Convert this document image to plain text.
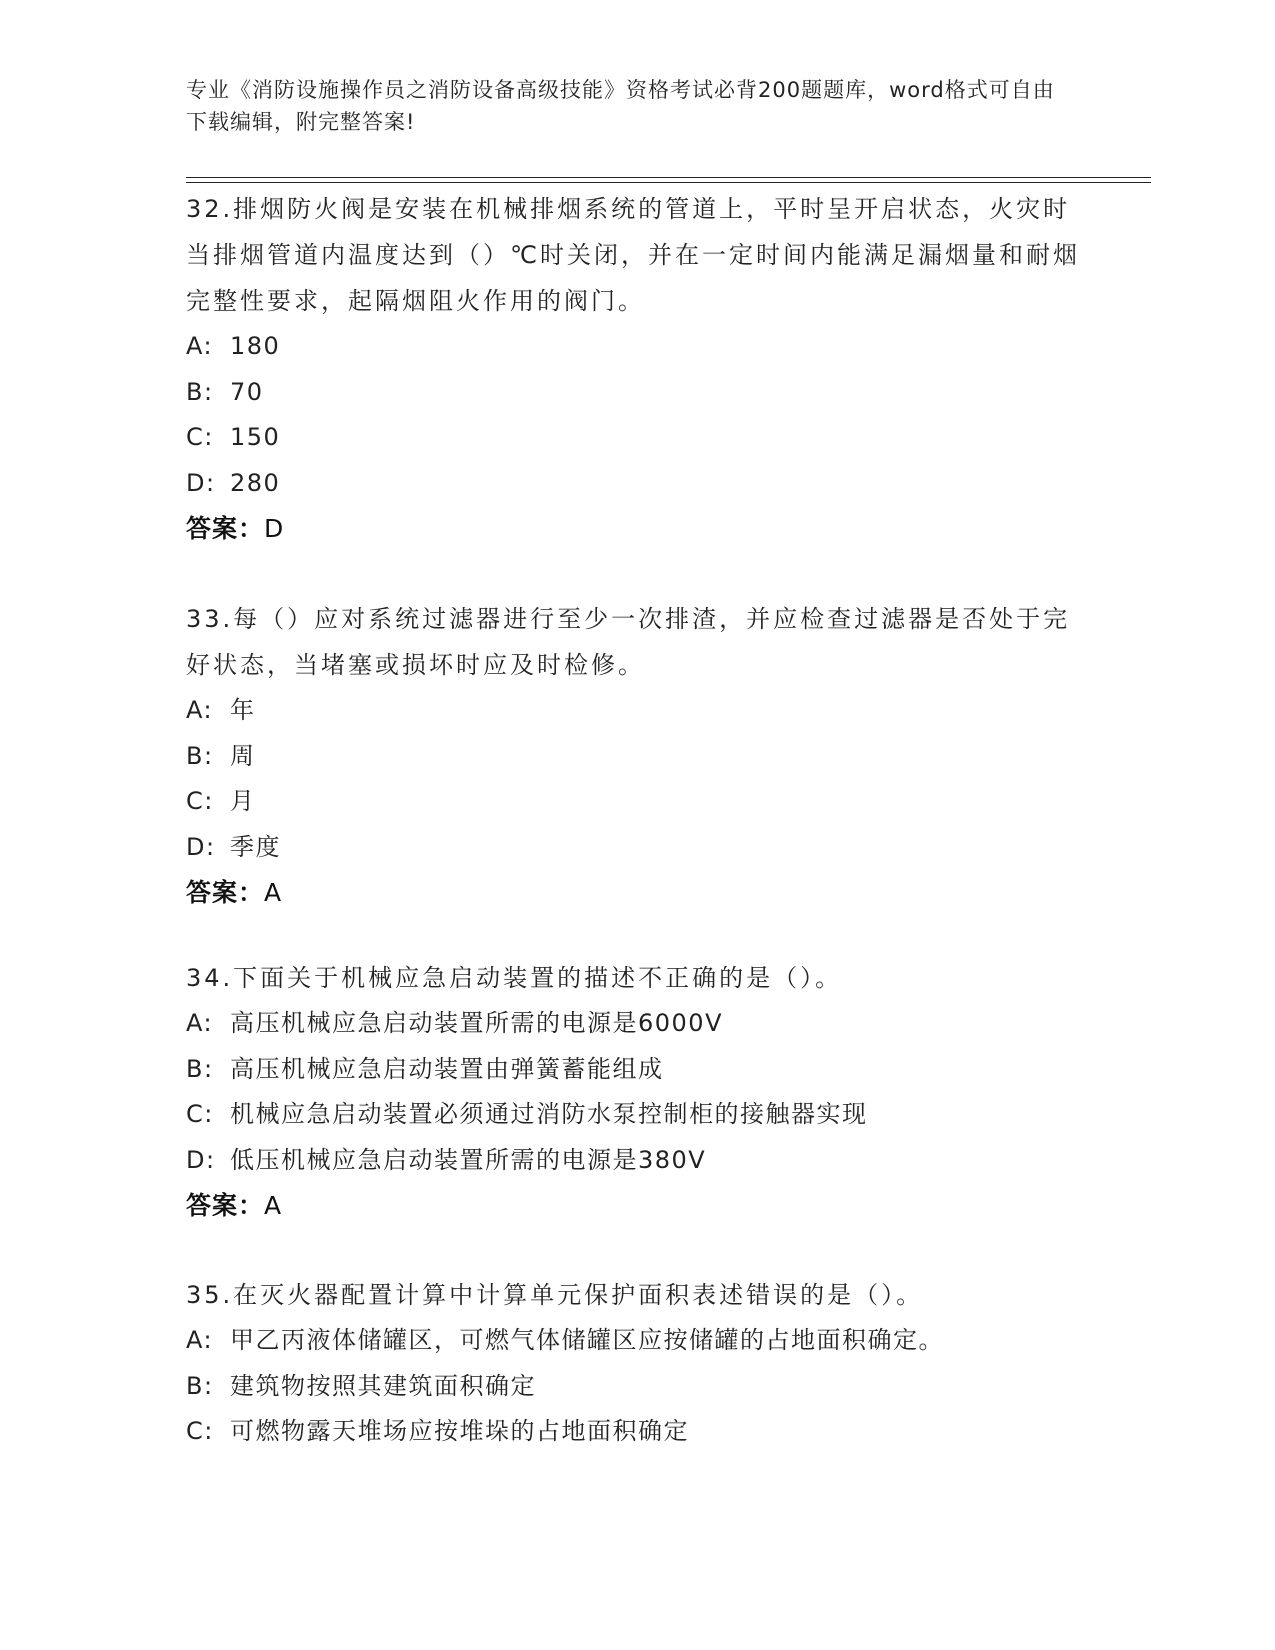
专业《消防设施操作员之消防设备高级技能》资格考试必背200题题库，word格式可自由下载编辑，附完整答案!

32.排烟防火阀是安装在机械排烟系统的管道上，平时呈开启状态，火灾时当排烟管道内温度达到（）℃时关闭，并在一定时间内能满足漏烟量和耐烟完整性要求，起隔烟阻火作用的阀门。

A: 180

B: 70

C: 150

D: 280

答案：D

33.每（）应对系统过滤器进行至少一次排渣，并应检查过滤器是否处于完好状态，当堵塞或损坏时应及时检修。

A: 年

B: 周

C: 月

D: 季度

答案：A

34.下面关于机械应急启动装置的描述不正确的是（）。

A: 高压机械应急启动装置所需的电源是6000V

B: 高压机械应急启动装置由弹簧蓄能组成

C: 机械应急启动装置必须通过消防水泵控制柜的接触器实现

D: 低压机械应急启动装置所需的电源是380V

答案：A

35.在灭火器配置计算中计算单元保护面积表述错误的是（）。

A: 甲乙丙液体储罐区，可燃气体储罐区应按储罐的占地面积确定。

B: 建筑物按照其建筑面积确定

C: 可燃物露天堆场应按堆垛的占地面积确定
